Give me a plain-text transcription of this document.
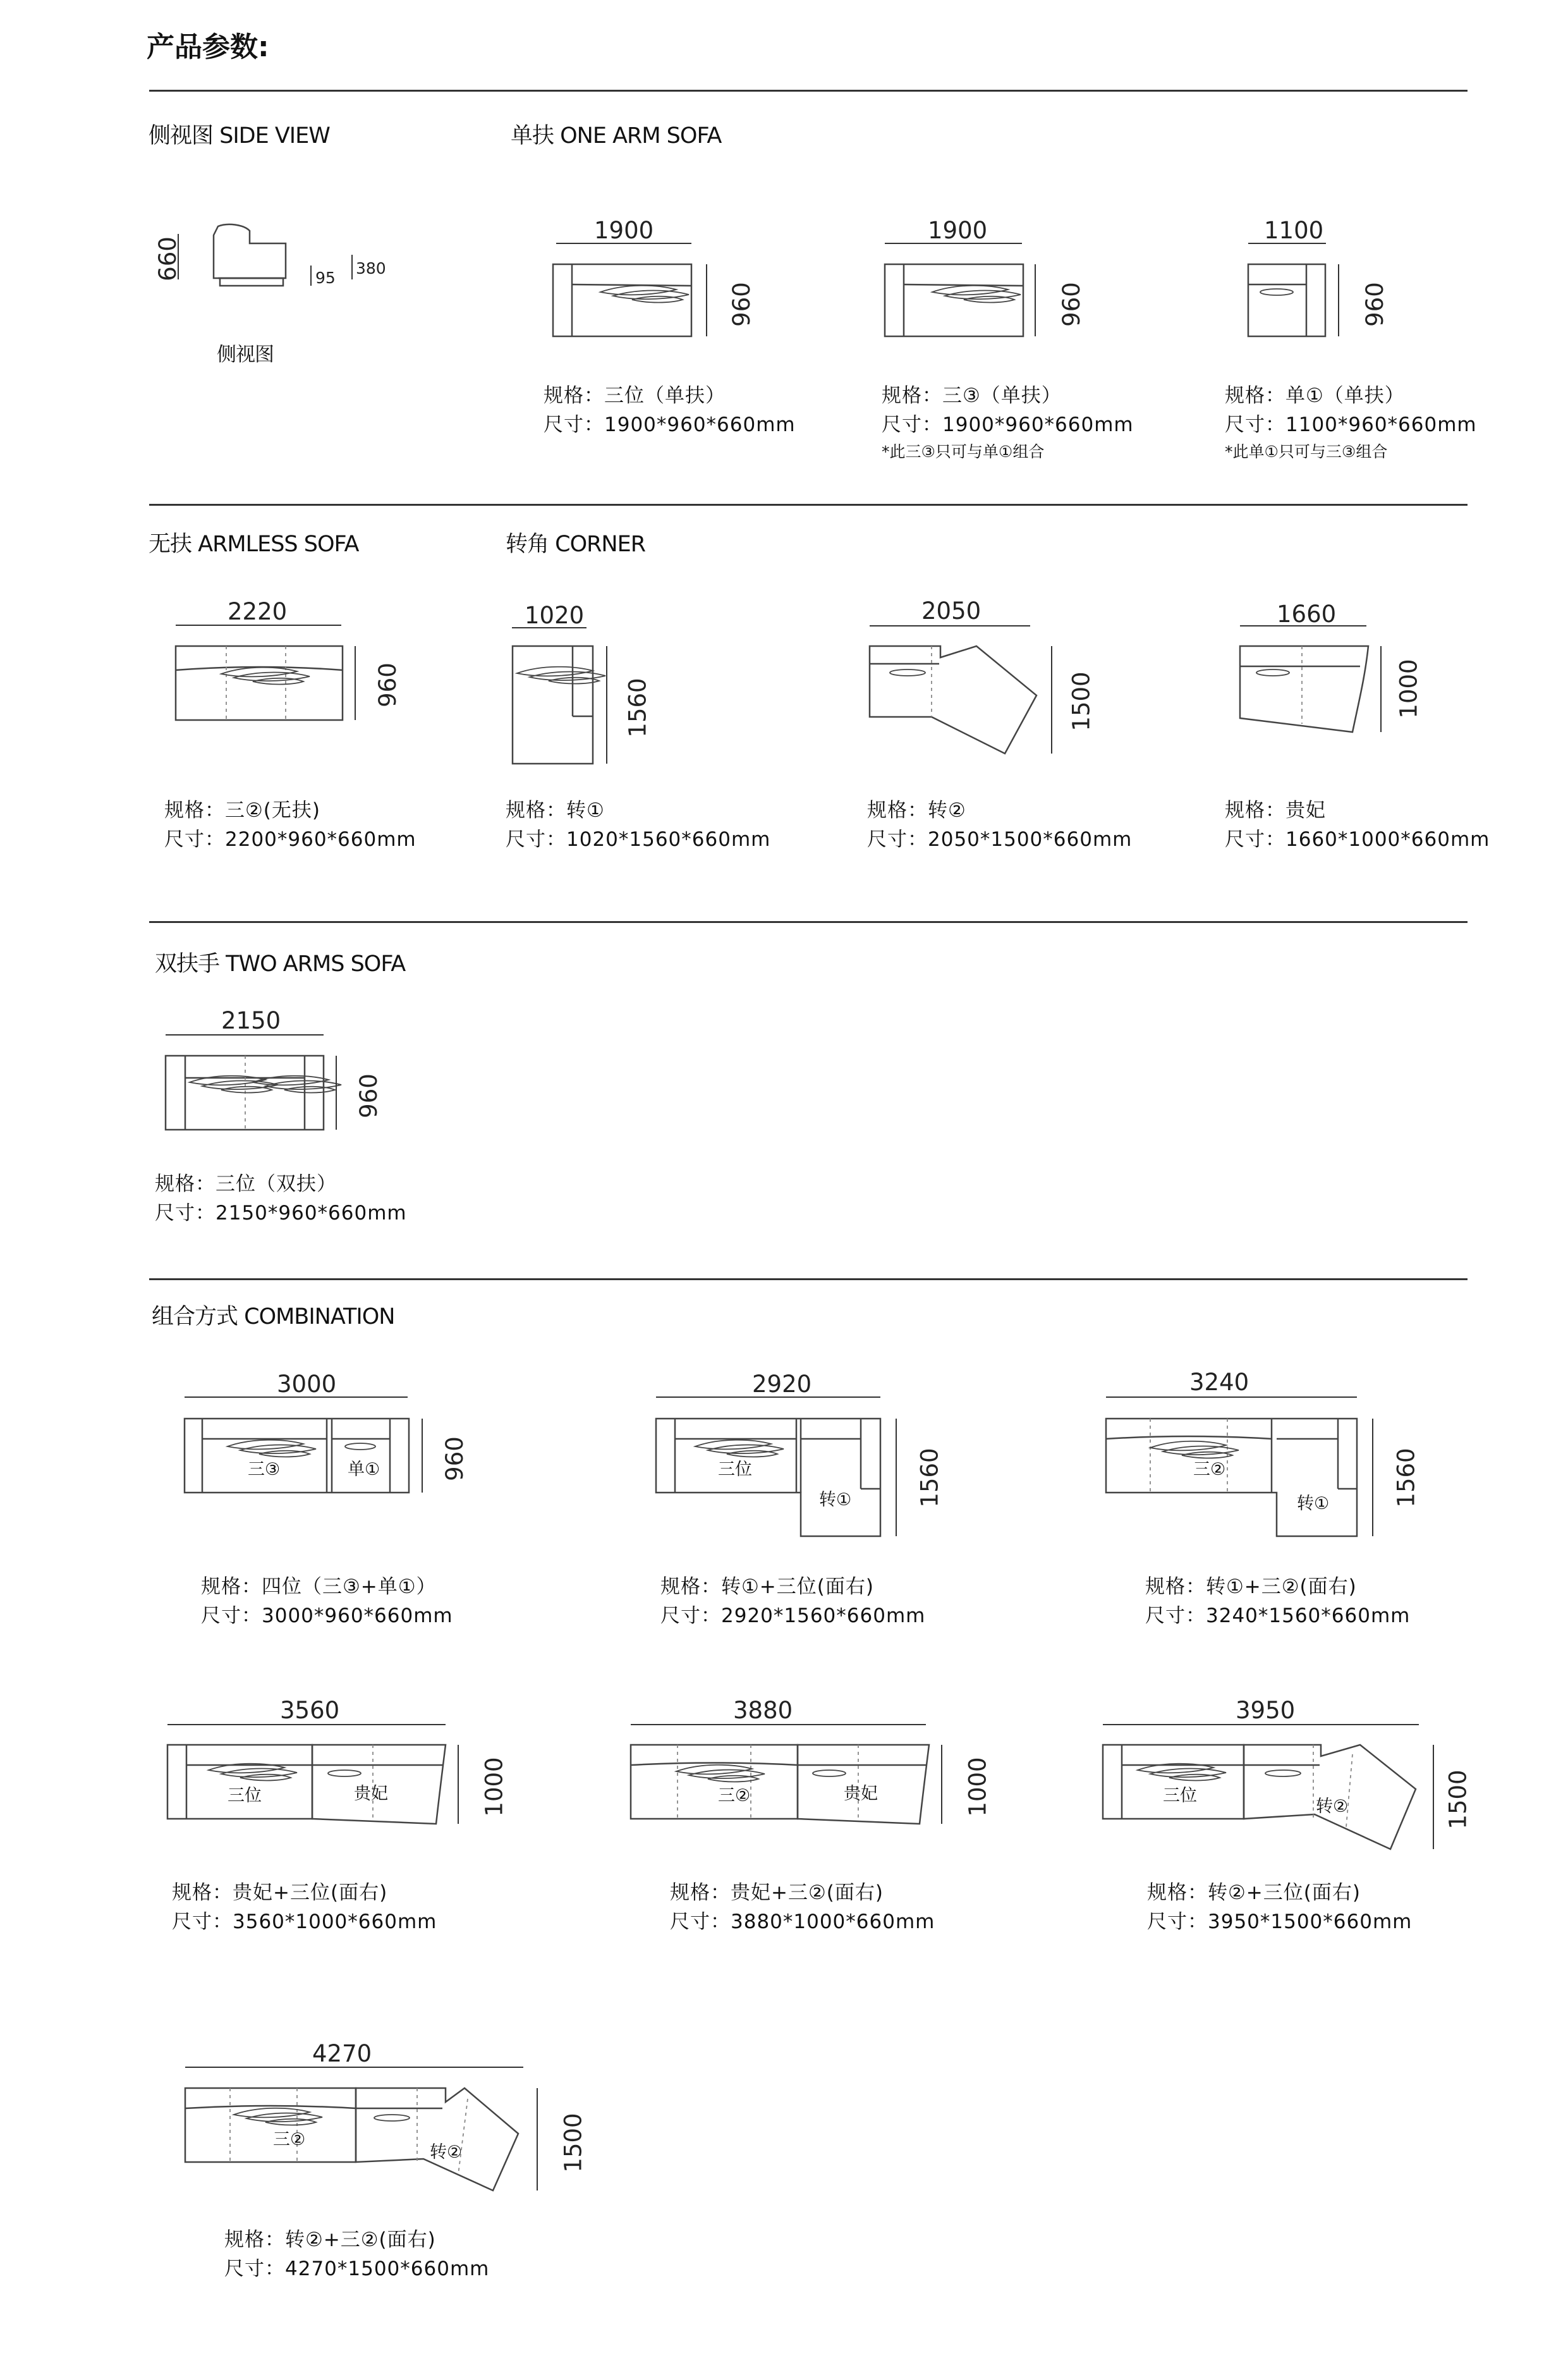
产品参数:
侧视图 SIDE VIEW
660	95
380
侧视图
单扶 ONE ARM SOFA
1900
960
规格：三位（单扶）
尺寸：1900*960*660mm
1900
960
规格：三③（单扶）
尺寸：1900*960*660mm
*此三③只可与单①组合
1100
960
规格：单①（单扶）
尺寸：1100*960*660mm
*此单①只可与三③组合
无扶 ARMLESS SOFA
2220
960
规格：三②(无扶)
尺寸：2200*960*660mm
转角 CORNER
1020
1560
规格：转①
尺寸：1020*1560*660mm
2050
1500
规格：转②
尺寸：2050*1500*660mm
1660
1000
规格：贵妃
尺寸：1660*1000*660mm
双扶手 TWO ARMS SOFA
2150
960
规格：三位（双扶）
尺寸：2150*960*660mm
组合方式 COMBINATION
3000
960
三③	单①
规格：四位（三③+单①）
尺寸：3000*960*660mm
2920
1560
三位
转①
规格：转①+三位(面右)
尺寸：2920*1560*660mm
3240
1560
三②
转①
规格：转①+三②(面右)
尺寸：3240*1560*660mm
3560
1000
三位	贵妃
规格：贵妃+三位(面右)
尺寸：3560*1000*660mm
3880
1000
三②	贵妃
规格：贵妃+三②(面右)
尺寸：3880*1000*660mm
3950
1500
三位
转②
规格：转②+三位(面右)
尺寸：3950*1500*660mm
4270
1500
三②
转②
规格：转②+三②(面右)
尺寸：4270*1500*660mm
